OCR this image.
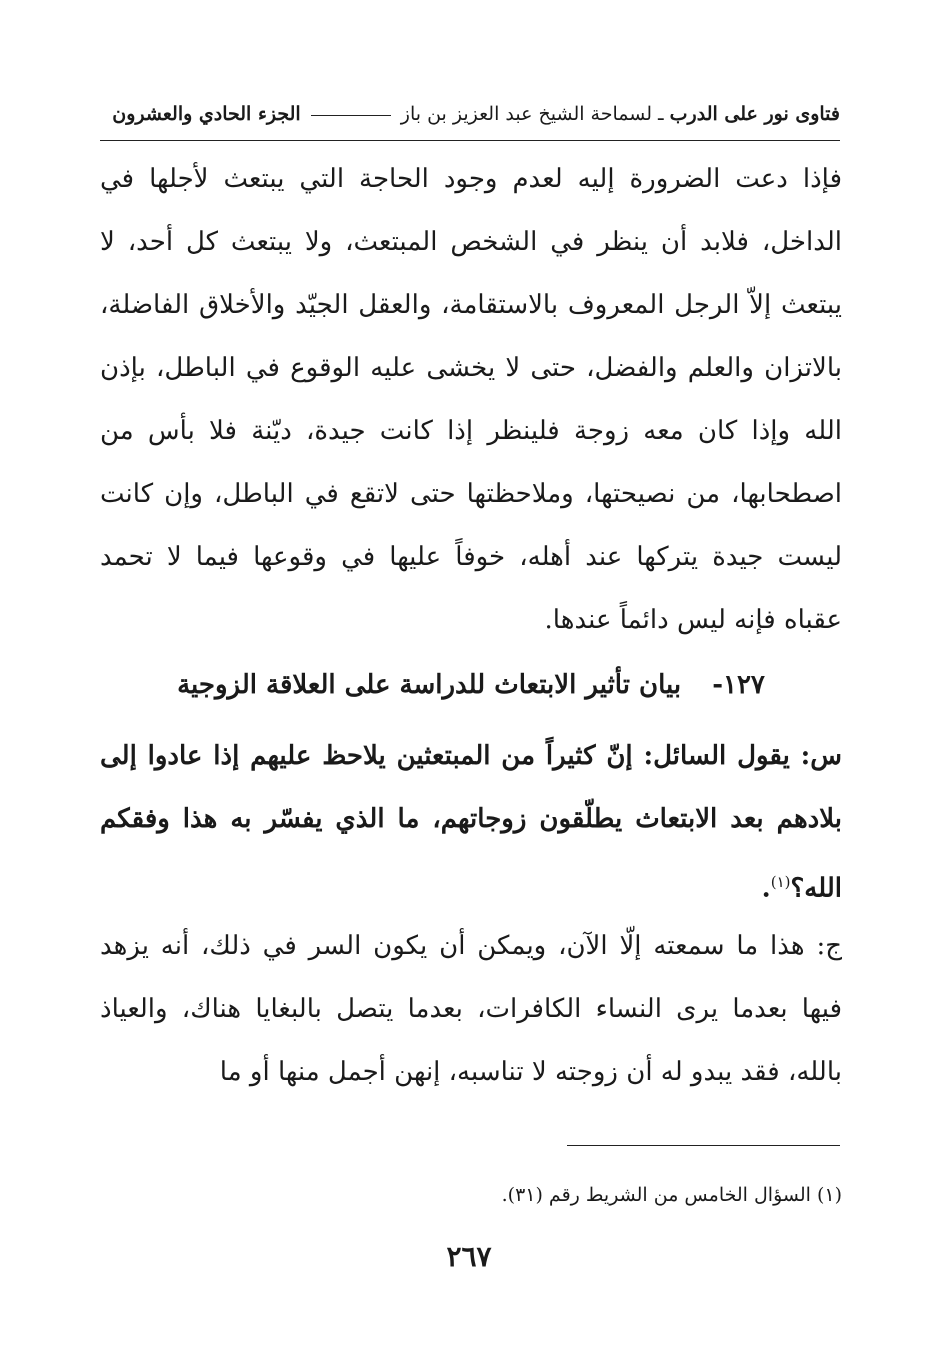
فتاوى نور على الدرب ـ لسماحة الشيخ عبد العزيز بن باز  الجزء الحادي والعشرون

فإذا دعت الضرورة إليه لعدم وجود الحاجة التي يبتعث لأجلها في الداخل، فلابد أن ينظر في الشخص المبتعث، ولا يبتعث كل أحد، لا يبتعث إلاّ الرجل المعروف بالاستقامة، والعقل الجيّد والأخلاق الفاضلة، بالاتزان والعلم والفضل، حتى لا يخشى عليه الوقوع في الباطل، بإذن الله وإذا كان معه زوجة فلينظر إذا كانت جيدة، ديّنة فلا بأس من اصطحابها، من نصيحتها، وملاحظتها حتى لاتقع في الباطل، وإن كانت ليست جيدة يتركها عند أهله، خوفاً عليها في وقوعها فيما لا تحمد عقباه فإنه ليس دائماً عندها.

١٢٧- بيان تأثير الابتعاث للدراسة على العلاقة الزوجية

س: يقول السائل: إنّ كثيراً من المبتعثين يلاحظ عليهم إذا عادوا إلى بلادهم بعد الابتعاث يطلّقون زوجاتهم، ما الذي يفسّر به هذا وفقكم الله؟$^{(١)}$.

ج: هذا ما سمعته إلّا الآن، ويمكن أن يكون السر في ذلك، أنه يزهد فيها بعدما يرى النساء الكافرات، بعدما يتصل بالبغايا هناك، والعياذ بالله، فقد يبدو له أن زوجته لا تناسبه، إنهن أجمل منها أو ما

(١) السؤال الخامس من الشريط رقم (٣١).
٢٦٧
